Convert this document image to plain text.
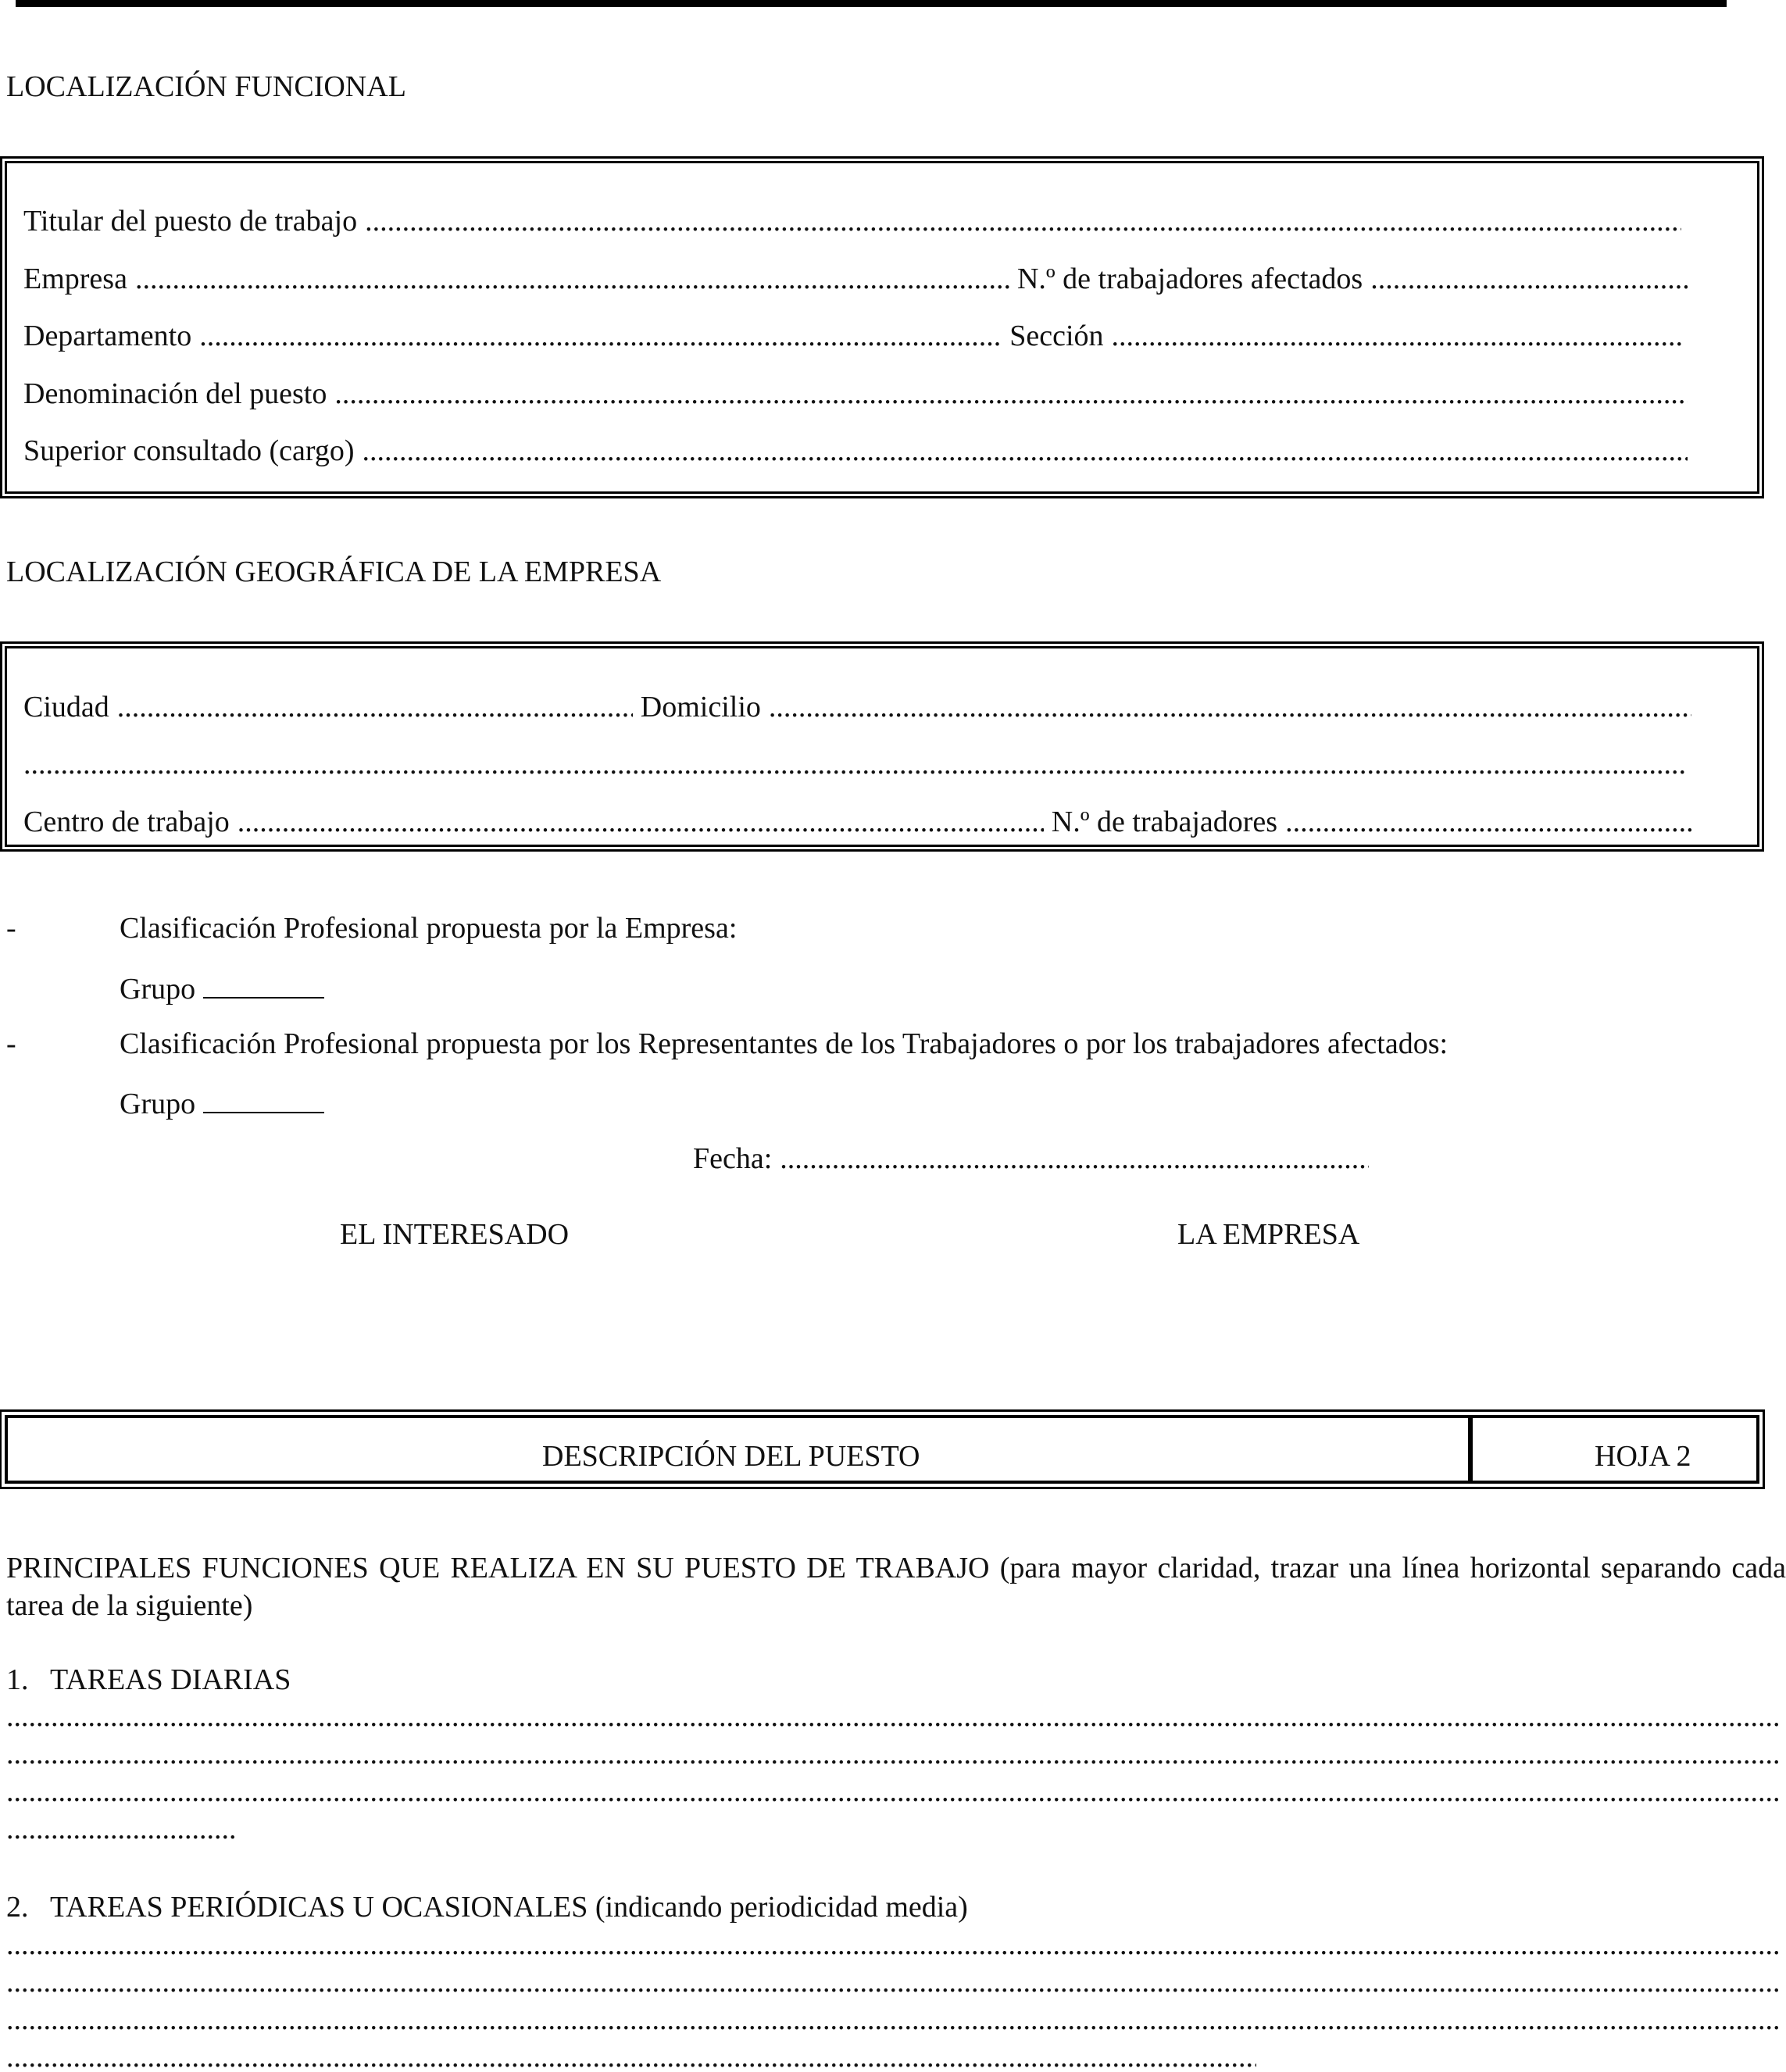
LOCALIZACIÓN FUNCIONAL
Titular del puesto de trabajo
.....
Empresa .....	N.º de trabajadores afectados
.....
Departamento .....	Sección
.....
Denominación del puesto
.....
Superior consultado (cargo)
.....
LOCALIZACIÓN GEOGRÁFICA DE LA EMPRESA
Ciudad .....	Domicilio
.....
.....
Centro de trabajo .....	N.º de trabajadores
.....
-	Clasificación Profesional propuesta por la Empresa:
Grupo
-	Clasificación Profesional propuesta por los Representantes de los Trabajadores o por los trabajadores afectados:
Grupo
Fecha:
.....
EL INTERESADO	LA EMPRESA
DESCRIPCIÓN DEL PUESTO	HOJA 2
PRINCIPALES FUNCIONES QUE REALIZA EN SU PUESTO DE TRABAJO (para mayor claridad, trazar una línea horizontal separando cada tarea de la siguiente)
1. TAREAS DIARIAS
.....
.....
.....
.....
2. TAREAS PERIÓDICAS U OCASIONALES (indicando periodicidad media)
.....
.....
.....
.....
